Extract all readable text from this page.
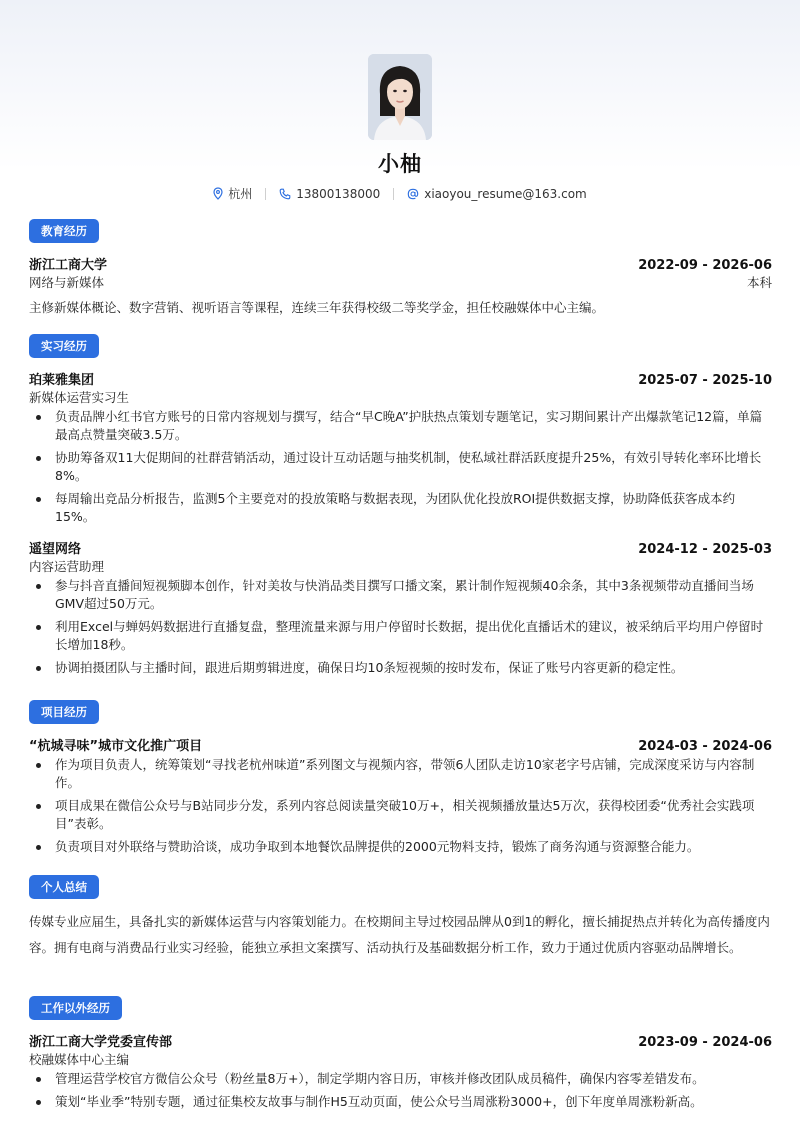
小柚
杭州	13800138000	xiaoyou_resume@163.com
教育经历
浙江工商大学	2022-09 - 2026-06
网络与新媒体	本科
主修新媒体概论、数字营销、视听语言等课程，连续三年获得校级二等奖学金，担任校融媒体中心主编。
实习经历
珀莱雅集团	2025-07 - 2025-10
新媒体运营实习生
负责品牌小红书官方账号的日常内容规划与撰写，结合“早C晚A”护肤热点策划专题笔记，实习期间累计产出爆款笔记12篇，单篇最高点赞量突破3.5万。
协助筹备双11大促期间的社群营销活动，通过设计互动话题与抽奖机制，使私域社群活跃度提升25%，有效引导转化率环比增长8%。
每周输出竞品分析报告，监测5个主要竞对的投放策略与数据表现，为团队优化投放ROI提供数据支撑，协助降低获客成本约15%。
遥望网络	2024-12 - 2025-03
内容运营助理
参与抖音直播间短视频脚本创作，针对美妆与快消品类目撰写口播文案，累计制作短视频40余条，其中3条视频带动直播间当场GMV超过50万元。
利用Excel与蝉妈妈数据进行直播复盘，整理流量来源与用户停留时长数据，提出优化直播话术的建议，被采纳后平均用户停留时长增加18秒。
协调拍摄团队与主播时间，跟进后期剪辑进度，确保日均10条短视频的按时发布，保证了账号内容更新的稳定性。
项目经历
“杭城寻味”城市文化推广项目	2024-03 - 2024-06
作为项目负责人，统筹策划“寻找老杭州味道”系列图文与视频内容，带领6人团队走访10家老字号店铺，完成深度采访与内容制作。
项目成果在微信公众号与B站同步分发，系列内容总阅读量突破10万+，相关视频播放量达5万次，获得校团委“优秀社会实践项目”表彰。
负责项目对外联络与赞助洽谈，成功争取到本地餐饮品牌提供的2000元物料支持，锻炼了商务沟通与资源整合能力。
个人总结
传媒专业应届生，具备扎实的新媒体运营与内容策划能力。在校期间主导过校园品牌从0到1的孵化，擅长捕捉热点并转化为高传播度内容。拥有电商与消费品行业实习经验，能独立承担文案撰写、活动执行及基础数据分析工作，致力于通过优质内容驱动品牌增长。
工作以外经历
浙江工商大学党委宣传部	2023-09 - 2024-06
校融媒体中心主编
管理运营学校官方微信公众号（粉丝量8万+），制定学期内容日历，审核并修改团队成员稿件，确保内容零差错发布。
策划“毕业季”特别专题，通过征集校友故事与制作H5互动页面，使公众号当周涨粉3000+，创下年度单周涨粉新高。
